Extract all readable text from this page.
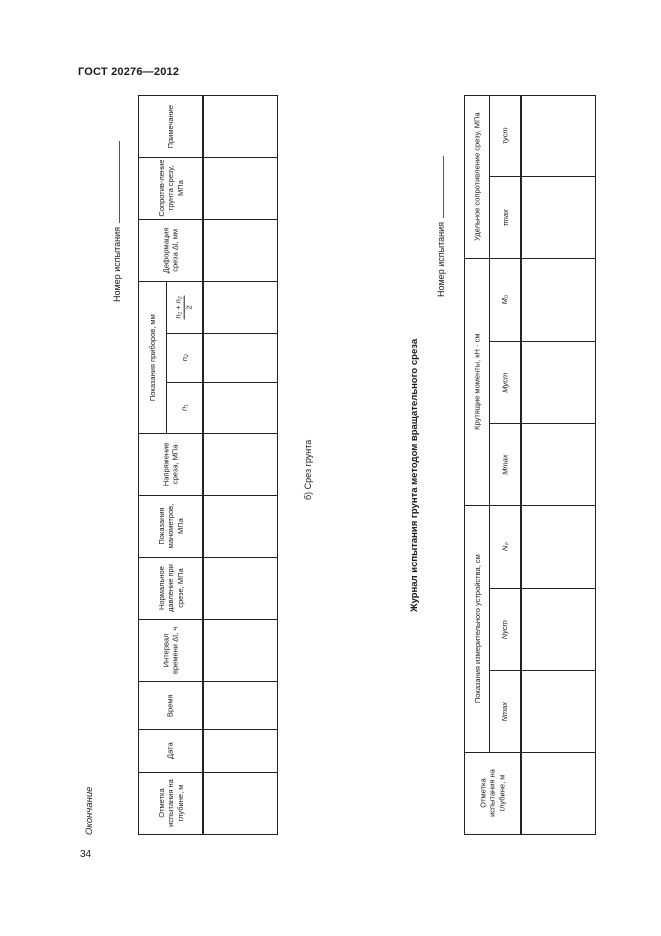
ГОСТ 20276—2012
34
Окончание
б) Срез грунта
Номер испытания
Журнал испытания грунта методом вращательного среза
Номер испытания
Отметка испытания на глубине, м
Дата
Время
Интервал времени Δt, ч
Нормальное давление при срезе, МПа
Показания манометров, МПа
Напряжение среза, МПа
Показания приборов, мм
n₁
n₂
n₁ + n₂ 2
Деформация среза Δl, мм
Сопротив-ление грунта срезу, МПа
Примечание
Отметка испытания на глубине, м
Показания измерительного устройства, см
Крутящие моменты, кН · см
Удельное сопротивление срезу, МПа
Nmax
Nуст
N₀
Mmax
Mуст
M₀
τmax
τуст
